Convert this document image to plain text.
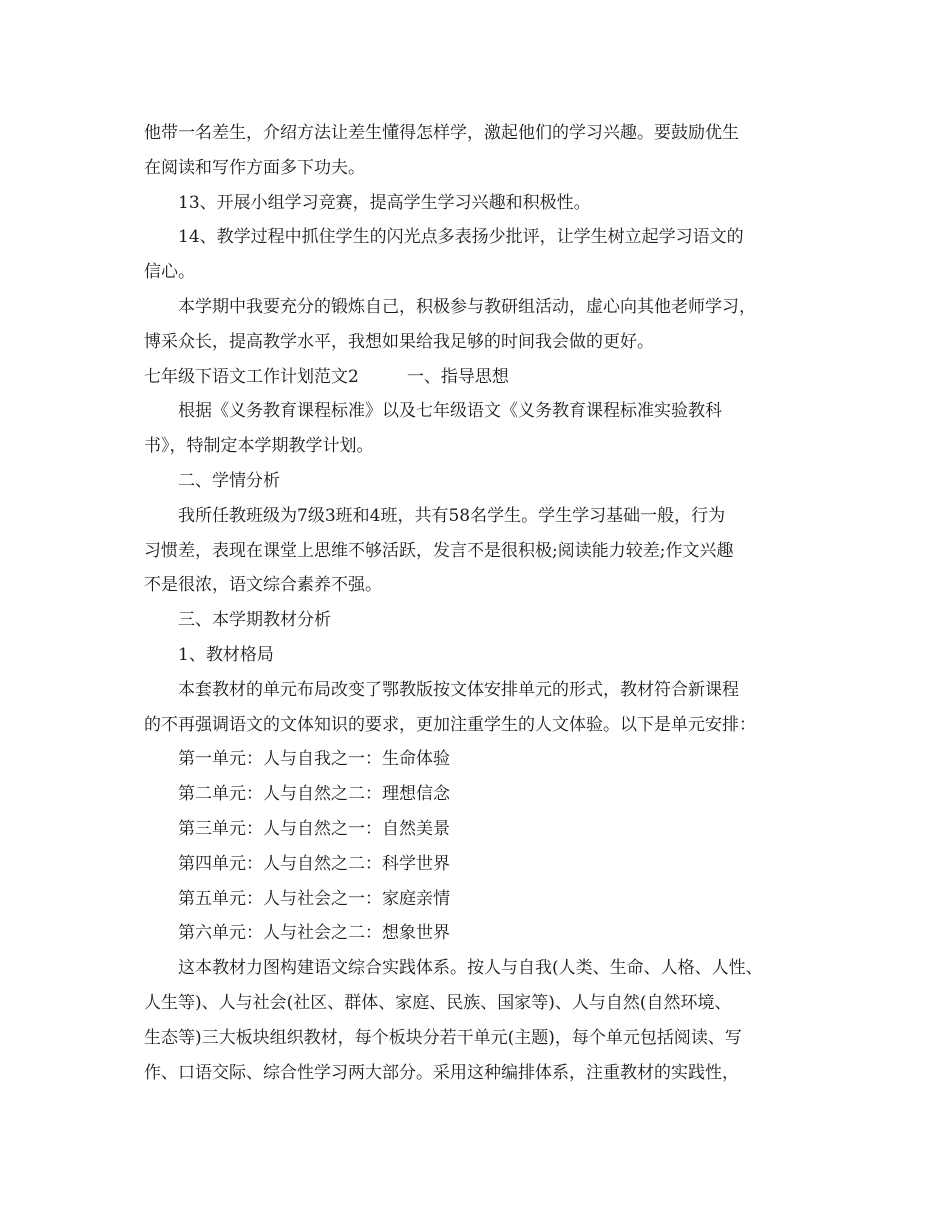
他带一名差生，介绍方法让差生懂得怎样学，激起他们的学习兴趣。要鼓励优生

在阅读和写作方面多下功夫。

13、开展小组学习竞赛，提高学生学习兴趣和积极性。

14、教学过程中抓住学生的闪光点多表扬少批评，让学生树立起学习语文的

信心。

本学期中我要充分的锻炼自己，积极参与教研组活动，虚心向其他老师学习，

博采众长，提高教学水平，我想如果给我足够的时间我会做的更好。

七年级下语文工作计划范文2	一、指导思想

根据《义务教育课程标准》以及七年级语文《义务教育课程标准实验教科

书》，特制定本学期教学计划。

二、学情分析

我所任教班级为7级3班和4班，共有58名学生。学生学习基础一般，行为

习惯差，表现在课堂上思维不够活跃，发言不是很积极;阅读能力较差;作文兴趣

不是很浓，语文综合素养不强。

三、本学期教材分析

1、教材格局

本套教材的单元布局改变了鄂教版按文体安排单元的形式，教材符合新课程

的不再强调语文的文体知识的要求，更加注重学生的人文体验。以下是单元安排：

第一单元：人与自我之一：生命体验

第二单元：人与自然之二：理想信念

第三单元：人与自然之一：自然美景

第四单元：人与自然之二：科学世界

第五单元：人与社会之一：家庭亲情

第六单元：人与社会之二：想象世界

这本教材力图构建语文综合实践体系。按人与自我(人类、生命、人格、人性、

人生等)、人与社会(社区、群体、家庭、民族、国家等)、人与自然(自然环境、

生态等)三大板块组织教材，每个板块分若干单元(主题)，每个单元包括阅读、写

作、口语交际、综合性学习两大部分。采用这种编排体系，注重教材的实践性，
